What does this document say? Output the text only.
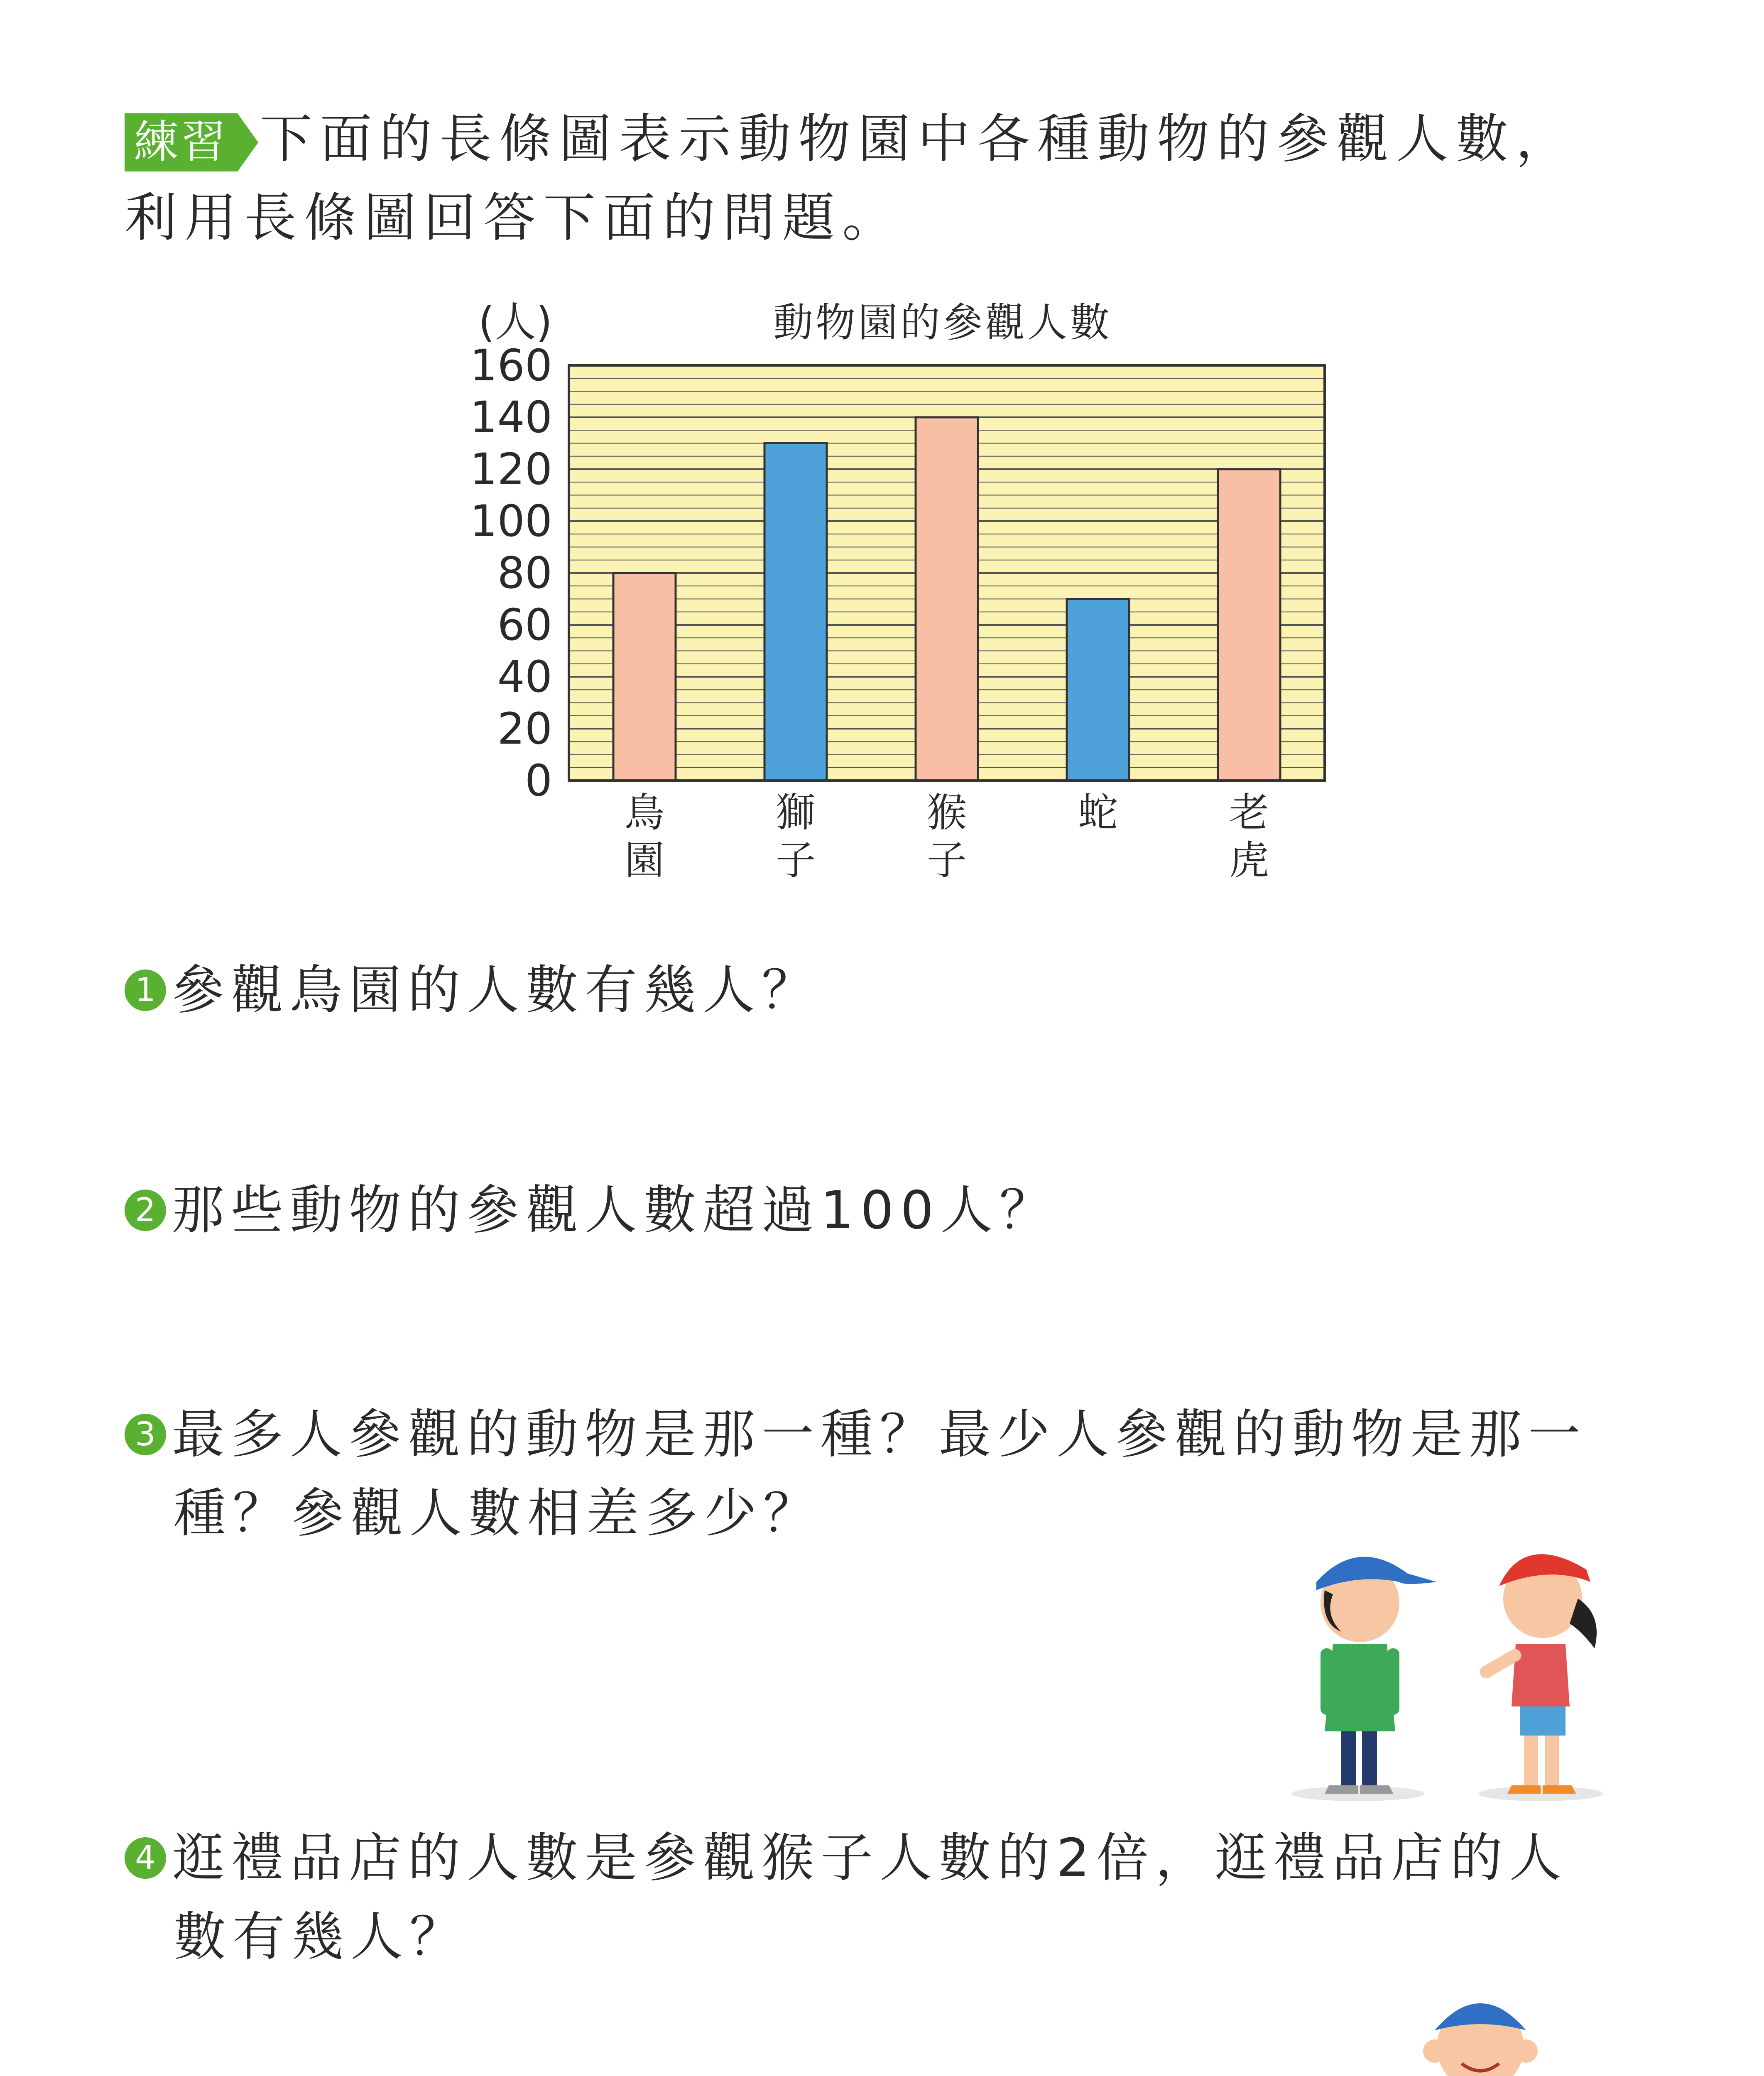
練習 下面的長條圖表示動物園中各種動物的參觀人數，
利用長條圖回答下面的問題。
鳥園
獅子
猴子
蛇	老虎
0
20
40
60
80
100
120
140
160
(人)	動物園的參觀人數
1 參觀鳥園的人數有幾人？
2 那些動物的參觀人數超過100人？
3 最多人參觀的動物是那一種？最少人參觀的動物是那一
種？參觀人數相差多少？
4 逛禮品店的人數是參觀猴子人數的2倍，逛禮品店的人
數有幾人？
